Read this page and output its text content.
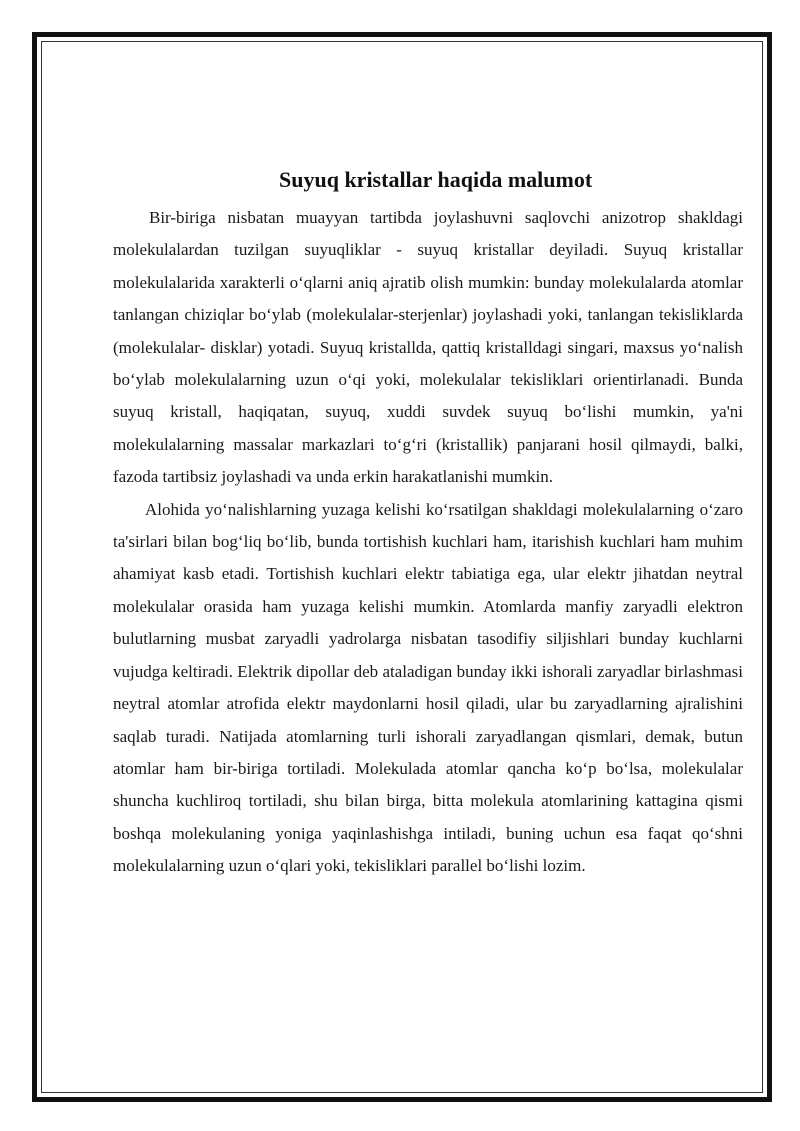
Suyuq kristallar haqida malumot

Bir-biriga nisbatan muayyan tartibda joylashuvni saqlovchi anizotrop shakldagi molekulalardan tuzilgan suyuqliklar - suyuq kristallar deyiladi. Suyuq kristallar molekulalarida xarakterli o‘qlarni aniq ajratib olish mumkin: bunday molekulalarda atomlar tanlangan chiziqlar bo‘ylab (molekulalar-sterjenlar) joylashadi yoki, tanlangan tekisliklarda (molekulalar- disklar) yotadi. Suyuq kristallda, qattiq kristalldagi singari, maxsus yo‘nalish bo‘ylab molekulalarning uzun o‘qi yoki, molekulalar tekisliklari orientirlanadi. Bunda suyuq kristall, haqiqatan, suyuq, xuddi suvdek suyuq bo‘lishi mumkin, ya'ni molekulalarning massalar markazlari to‘g‘ri (kristallik) panjarani hosil qilmaydi, balki, fazoda tartibsiz joylashadi va unda erkin harakatlanishi mumkin.

Alohida yo‘nalishlarning yuzaga kelishi ko‘rsatilgan shakldagi molekulalarning o‘zaro ta'sirlari bilan bog‘liq bo‘lib, bunda tortishish kuchlari ham, itarishish kuchlari ham muhim ahamiyat kasb etadi. Tortishish kuchlari elektr tabiatiga ega, ular elektr jihatdan neytral molekulalar orasida ham yuzaga kelishi mumkin. Atomlarda manfiy zaryadli elektron bulutlarning musbat zaryadli yadrolarga nisbatan tasodifiy siljishlari bunday kuchlarni vujudga keltiradi. Elektrik dipollar deb ataladigan bunday ikki ishorali zaryadlar birlashmasi neytral atomlar atrofida elektr maydonlarni hosil qiladi, ular bu zaryadlarning ajralishini saqlab turadi. Natijada atomlarning turli ishorali zaryadlangan qismlari, demak, butun atomlar ham bir-biriga tortiladi. Molekulada atomlar qancha ko‘p bo‘lsa, molekulalar shuncha kuchliroq tortiladi, shu bilan birga, bitta molekula atomlarining kattagina qismi boshqa molekulaning yoniga yaqinlashishga intiladi, buning uchun esa faqat qo‘shni molekulalarning uzun o‘qlari yoki, tekisliklari parallel bo‘lishi lozim.
